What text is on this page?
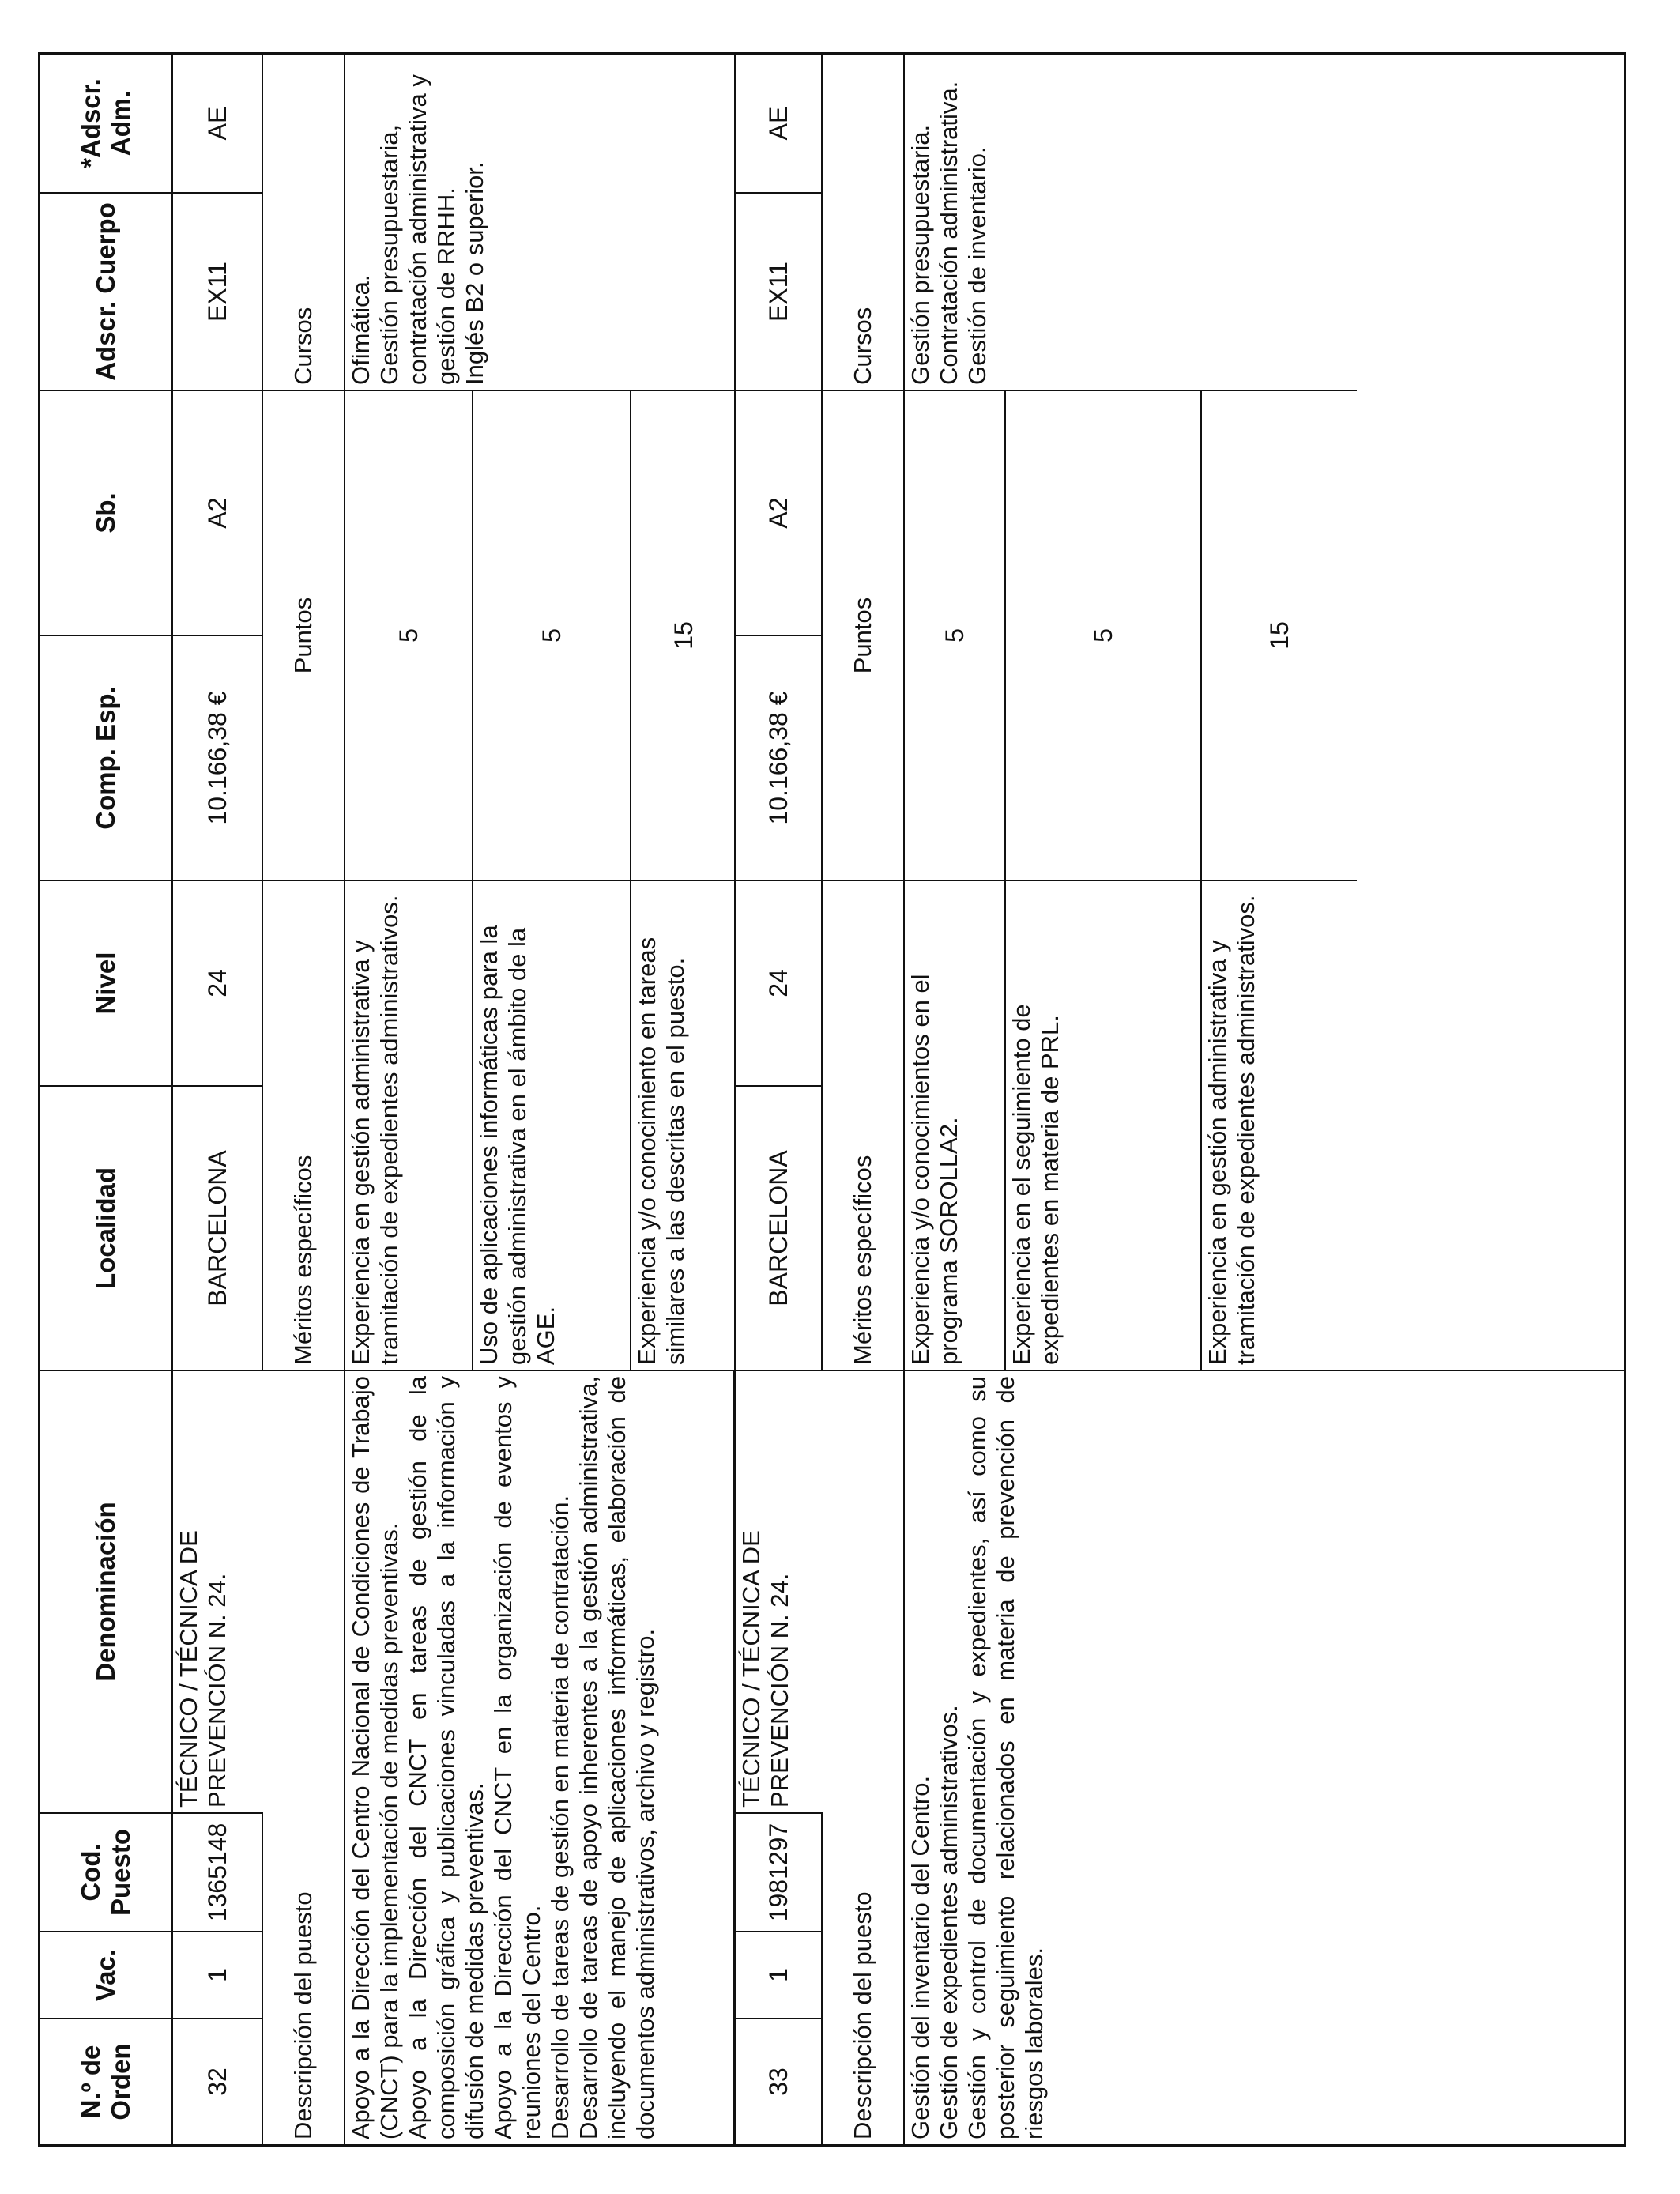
N.º de Orden
Vac.
Cod. Puesto
Denominación
Localidad
Nivel
Comp. Esp.
Sb.
Adscr. Cuerpo
*Adscr. Adm.
32
1
1365148
TÉCNICO / TÉCNICA DE PREVENCIÓN N. 24.
BARCELONA
24
10.166,38 €
A2
EX11
AE
Descripción del puesto
Méritos específicos
Puntos
Cursos
Apoyo a la Dirección del Centro Nacional de Condiciones de Trabajo (CNCT) para la implementación de medidas preventivas. Apoyo a la Dirección del CNCT en tareas de gestión de la composición gráfica y publicaciones vinculadas a la información y difusión de medidas preventivas. Apoyo a la Dirección del CNCT en la organización de eventos y reuniones del Centro. Desarrollo de tareas de gestión en materia de contratación. Desarrollo de tareas de apoyo inherentes a la gestión administrativa, incluyendo el manejo de aplicaciones informáticas, elaboración de documentos administrativos, archivo y registro.
Experiencia en gestión administrativa y tramitación de expedientes administrativos.
5
Uso de aplicaciones informáticas para la gestión administrativa en el ámbito de la AGE.
5
Experiencia y/o conocimiento en tareas similares a las descritas en el puesto.
15
Ofimática.
Gestión presupuestaria, contratación administrativa y gestión de RRHH.
Inglés B2 o superior.
33
1
1981297
TÉCNICO / TÉCNICA DE PREVENCIÓN N. 24.
BARCELONA
24
10.166,38 €
A2
EX11
AE
Descripción del puesto
Méritos específicos
Puntos
Cursos
Gestión del inventario del Centro. Gestión de expedientes administrativos. Gestión y control de documentación y expedientes, así como su posterior seguimiento relacionados en materia de prevención de riesgos laborales.
Experiencia y/o conocimientos en el programa SOROLLA2.
5
Experiencia en el seguimiento de expedientes en materia de PRL.
5
Experiencia en gestión administrativa y tramitación de expedientes administrativos.
15
Gestión presupuestaria.
Contratación administrativa.
Gestión de inventario.
